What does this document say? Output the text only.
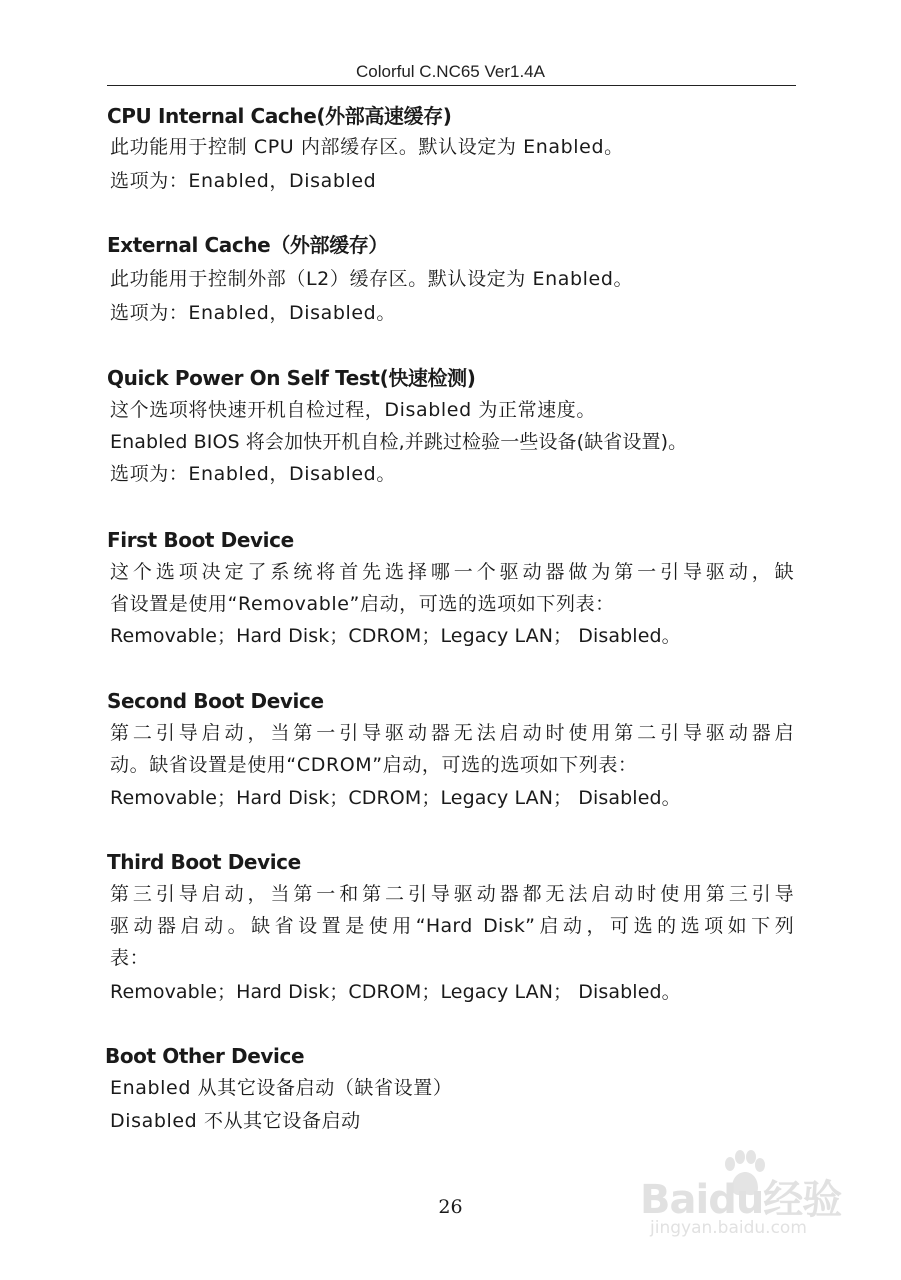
Colorful C.NC65 Ver1.4A
CPU Internal Cache(外部高速缓存)
此功能用于控制 CPU 内部缓存区。默认设定为 Enabled。
选项为：Enabled，Disabled
External Cache（外部缓存）
此功能用于控制外部（L2）缓存区。默认设定为 Enabled。
选项为：Enabled，Disabled。
Quick Power On Self Test(快速检测)
这个选项将快速开机自检过程，Disabled 为正常速度。
Enabled BIOS 将会加快开机自检,并跳过检验一些设备(缺省设置)。
选项为：Enabled，Disabled。
First Boot Device
这个选项决定了系统将首先选择哪一个驱动器做为第一引导驱动，缺
省设置是使用“Removable”启动，可选的选项如下列表：
Removable；Hard Disk；CDROM；Legacy LAN； Disabled。
Second Boot Device
第二引导启动，当第一引导驱动器无法启动时使用第二引导驱动器启
动。缺省设置是使用“CDROM”启动，可选的选项如下列表：
Removable；Hard Disk；CDROM；Legacy LAN； Disabled。
Third Boot Device
第三引导启动，当第一和第二引导驱动器都无法启动时使用第三引导
驱动器启动。缺省设置是使用“Hard Disk”启动，可选的选项如下列
表：
Removable；Hard Disk；CDROM；Legacy LAN； Disabled。
Boot Other Device
Enabled 从其它设备启动（缺省设置）
Disabled 不从其它设备启动
26	Baidu经验
jingyan.baidu.com
